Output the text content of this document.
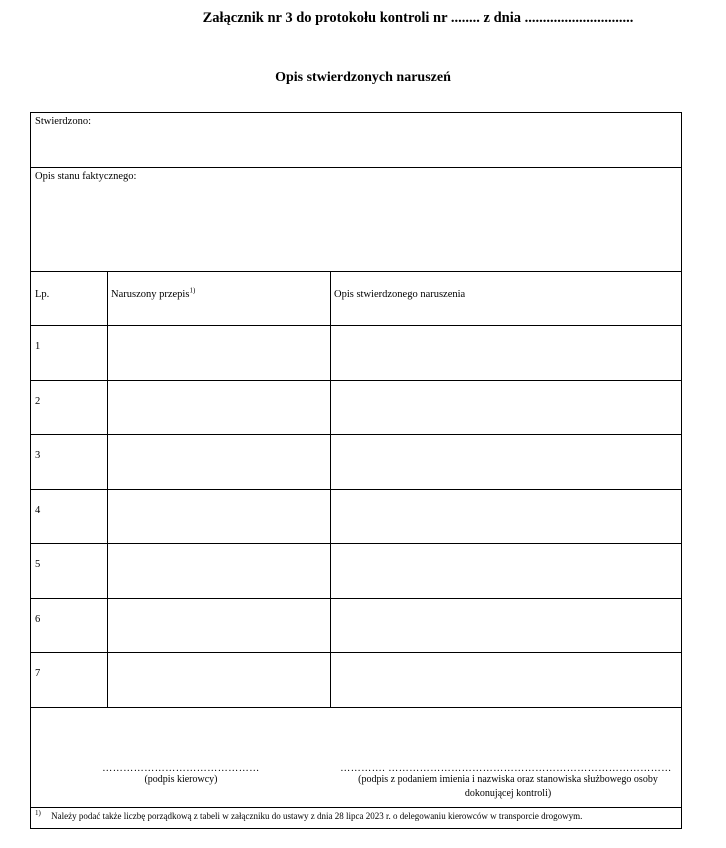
Załącznik nr 3 do protokołu kontroli nr ........ z dnia ..............................
Opis stwierdzonych naruszeń
Stwierdzono:
Opis stanu faktycznego:
Lp.	Naruszony przepis$^{1)}$	Opis stwierdzonego naruszenia
1
2
3
4
5
6
7
………………………………………
(podpis kierowcy)
…………. ………………………………………………………………………
(podpis z podaniem imienia i nazwiska oraz stanowiska służbowego osoby dokonującej kontroli)
$^{1)}$ Należy podać także liczbę porządkową z tabeli w załączniku do ustawy z dnia 28 lipca 2023 r. o delegowaniu kierowców w transporcie drogowym.
